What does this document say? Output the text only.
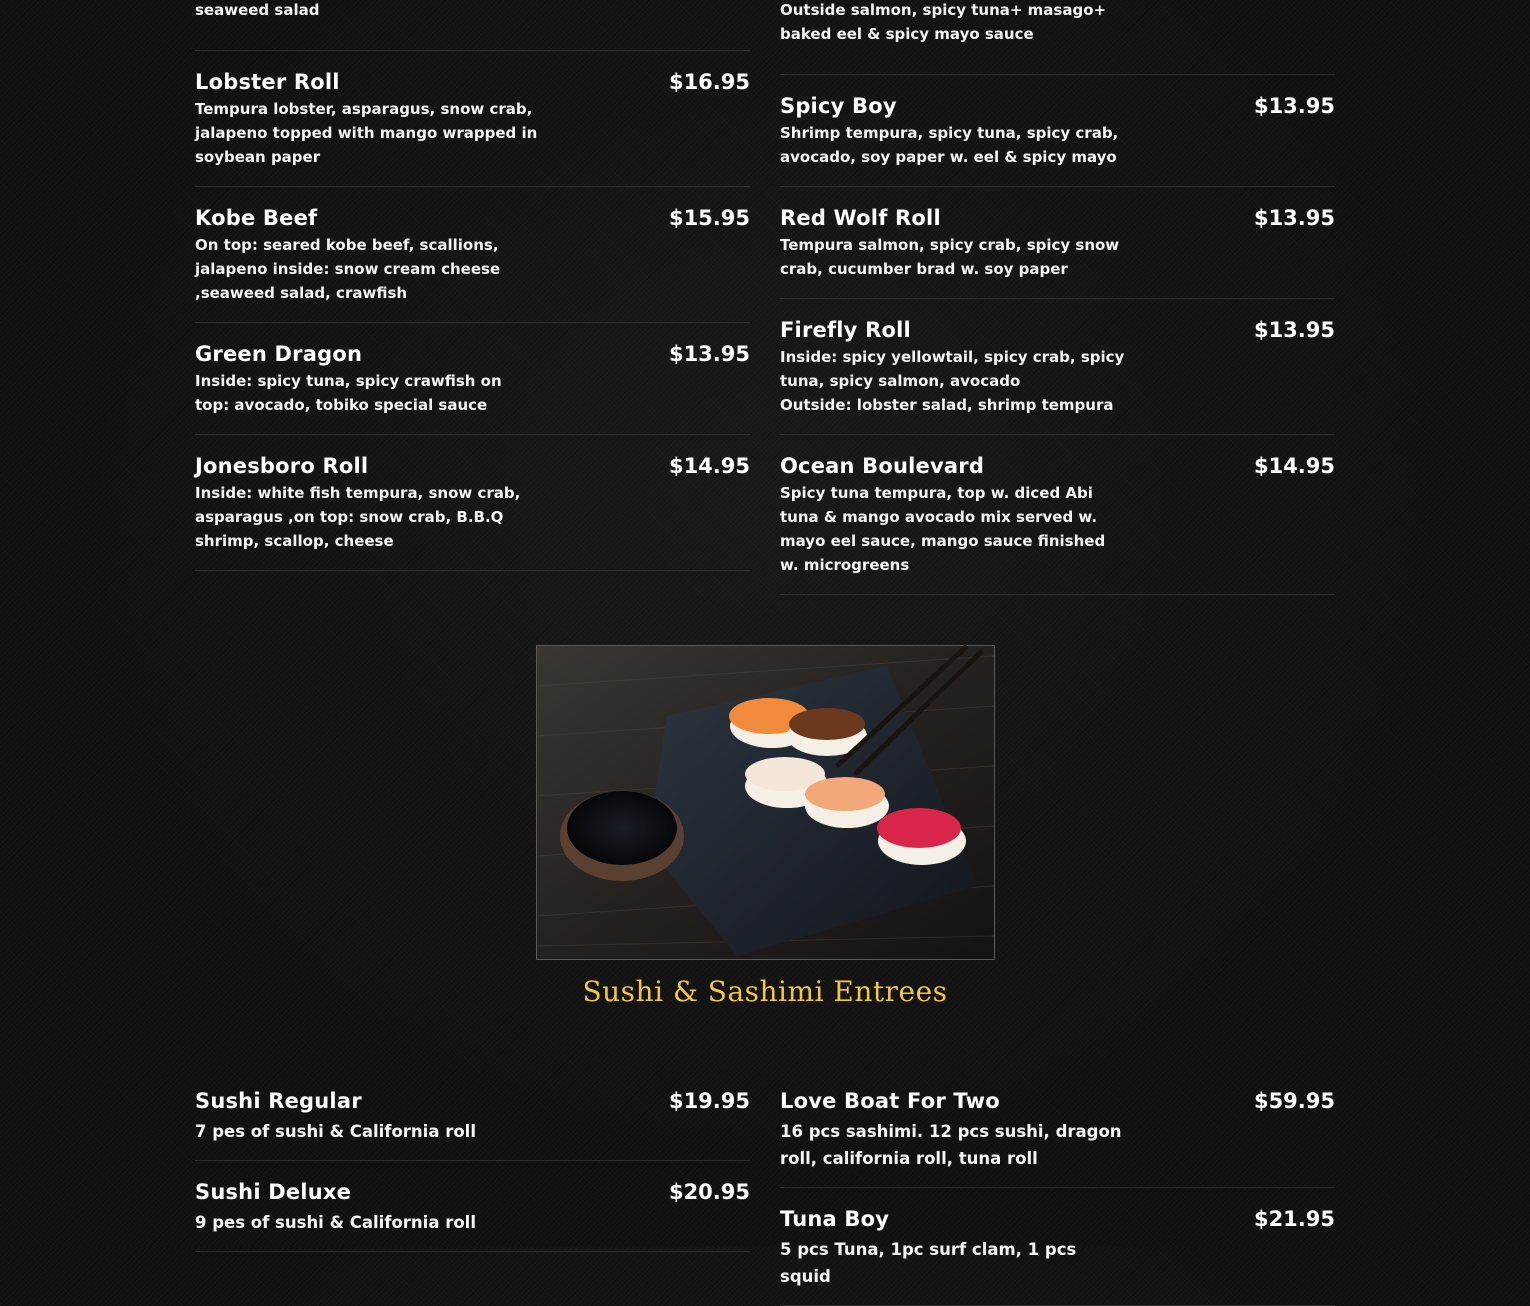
seaweed salad
Lobster Roll	$16.95
Tempura lobster, asparagus, snow crab, jalapeno topped with mango wrapped in soybean paper
Kobe Beef	$15.95
On top: seared kobe beef, scallions, jalapeno inside: snow cream cheese ,seaweed salad, crawfish
Green Dragon	$13.95
Inside: spicy tuna, spicy crawfish on top: avocado, tobiko special sauce
Jonesboro Roll	$14.95
Inside: white fish tempura, snow crab, asparagus ,on top: snow crab, B.B.Q shrimp, scallop, cheese
Outside salmon, spicy tuna+ masago+ baked eel & spicy mayo sauce
Spicy Boy	$13.95
Shrimp tempura, spicy tuna, spicy crab, avocado, soy paper w. eel & spicy mayo
Red Wolf Roll	$13.95
Tempura salmon, spicy crab, spicy snow crab, cucumber brad w. soy paper
Firefly Roll	$13.95
Inside: spicy yellowtail, spicy crab, spicy tuna, spicy salmon, avocado
Outside: lobster salad, shrimp tempura
Ocean Boulevard	$14.95
Spicy tuna tempura, top w. diced Abi tuna & mango avocado mix served w. mayo eel sauce, mango sauce finished w. microgreens
Sushi & Sashimi Entrees
Sushi Regular	$19.95
7 pes of sushi & California roll
Sushi Deluxe	$20.95
9 pes of sushi & California roll
Love Boat For Two	$59.95
16 pcs sashimi. 12 pcs sushi, dragon roll, california roll, tuna roll
Tuna Boy	$21.95
5 pcs Tuna, 1pc surf clam, 1 pcs squid
